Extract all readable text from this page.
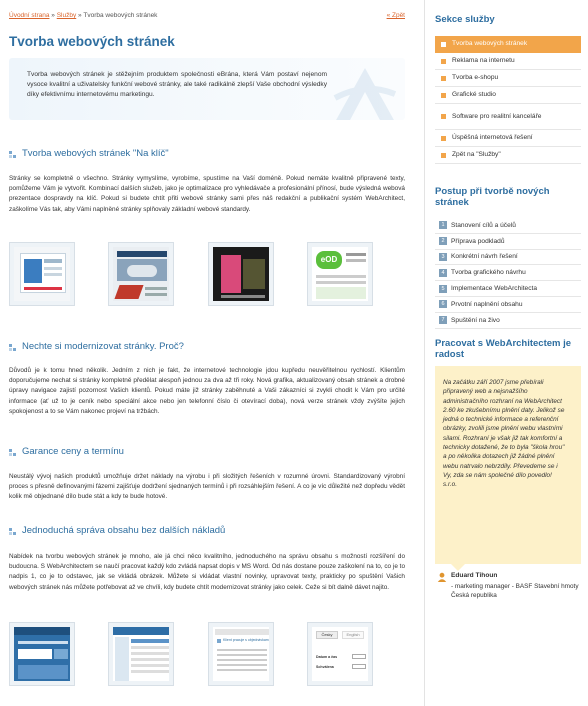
Úvodní strana » Služby » Tvorba webových stránek	« Zpět
Tvorba webových stránek

Tvorba webových stránek je stěžejním produktem společnosti eBrána, která Vám postaví nejenom vysoce kvalitní a uživatelsky funkční webové stránky, ale také radikálně zlepší Vaše obchodní výsledky díky efektivnímu internetovému marketingu.

Tvorba webových stránek "Na klíč"

Stránky se kompletně o všechno. Stránky vymyslíme, vyrobíme, spustíme na Vaší doméně. Pokud nemáte kvalitně připravené texty, pomůžeme Vám je vytvořit. Kombinací dalších služeb, jako je optimalizace pro vyhledávače a profesionální přínosí, bude výsledná webová prezentace dospravdy na klíč. Pokud si budete chtít přiti webové stránky sami přes náš redakční a publikační systém WebArchitect, zaškolíme Vás tak, aby Vámi naplněné stránky splňovaly základní webové standardy.

eOD
Nechte si modernizovat stránky. Proč?

Důvodů je k tomu hned několik. Jedním z nich je fakt, že internetové technologie jdou kupředu neuvěřitelnou rychlostí. Klientům doporučujeme nechat si stránky kompletně předělat alespoň jednou za dva až tři roky. Nová grafika, aktualizovaný obsah stránek a drobné úpravy navigace zajistí pozornost Vašich klientů. Pokud máte již stránky zaběhnuté a Vaši zákazníci si zvykli chodit k Vám pro určité informace (ať už to je ceník nebo speciální akce nebo jen telefonní číslo či otevírací doba), nová verze stránek vždy zvýšíte jejich spokojenost a to se Vám nakonec projeví na tržbách.

Garance ceny a termínu

Neustálý vývoj našich produktů umožňuje držet náklady na výrobu i při složitých řešeních v rozumné úrovni. Standardizovaný výrobní proces s přesně definovanými fázemi zajišťuje dodržení sjednaných termínů i při rozsáhlejším řešení. A co je víc důležité než dopředu vědět kolik mě objednané dílo bude stát a kdy te bude hotové.

Jednoduchá správa obsahu bez dalších nákladů

Nabídek na tvorbu webových stránek je mnoho, ale já chci něco kvalitního, jednoduchého na správu obsahu s možností rozšíření do budoucna. S WebArchitectem se naučí pracovat každý kdo zvládá napsat dopis v MS Word. Od nás dostane pouze zaškolení na to, co je to nadpis 1, co je to odstavec, jak se vkládá obrázek. Můžete si vkládat vlastní novinky, upravovat texty, prakticky po spuštění Vašich webových stránek nás můžete potřebovat až ve chvíli, kdy budete chtít modernizovat stránky jako celek. Ceže si bít dalně dávet najito.

Klient pracuje s objednávkami
Česky	English
Datum a čas
Schválena
Sekce služby
Tvorba webových stránek
Reklama na internetu
Tvorba e-shopu
Grafické studio
Software pro realitní kanceláře
Úspěšná internetová řešení
Zpět na "Služby"
Postup při tvorbě nových stránek
1 Stanovení cílů a účelů
2 Příprava podkladů
3 Konkrétní návrh řešení
4 Tvorba grafického návrhu
5 Implementace WebArchitecta
6 Prvotní naplnění obsahu
7 Spuštění na živo
Pracovat s WebArchitectem je radost

Na začátku září 2007 jsme přebírali připravený web a nejsnažšího administračního rozhraní na WebArchitect 2.60 ke zkušebnímu plnění daty. Jelikož se jedná o technické informace a referenční obrázky, zvolili jsme plnění webu vlastními silami. Rozhraní je však již tak komfortní a technicky dotažené, že to byla "škola hrou" a po několika dotazech již žádné plnění webu natrvalo nebrzdily. Převedeme se i Vy, zda se nám společné dílo povedlo! s.r.o.

Eduard Tihoun
- marketing manager - BASF Stavební hmoty Česká republika
